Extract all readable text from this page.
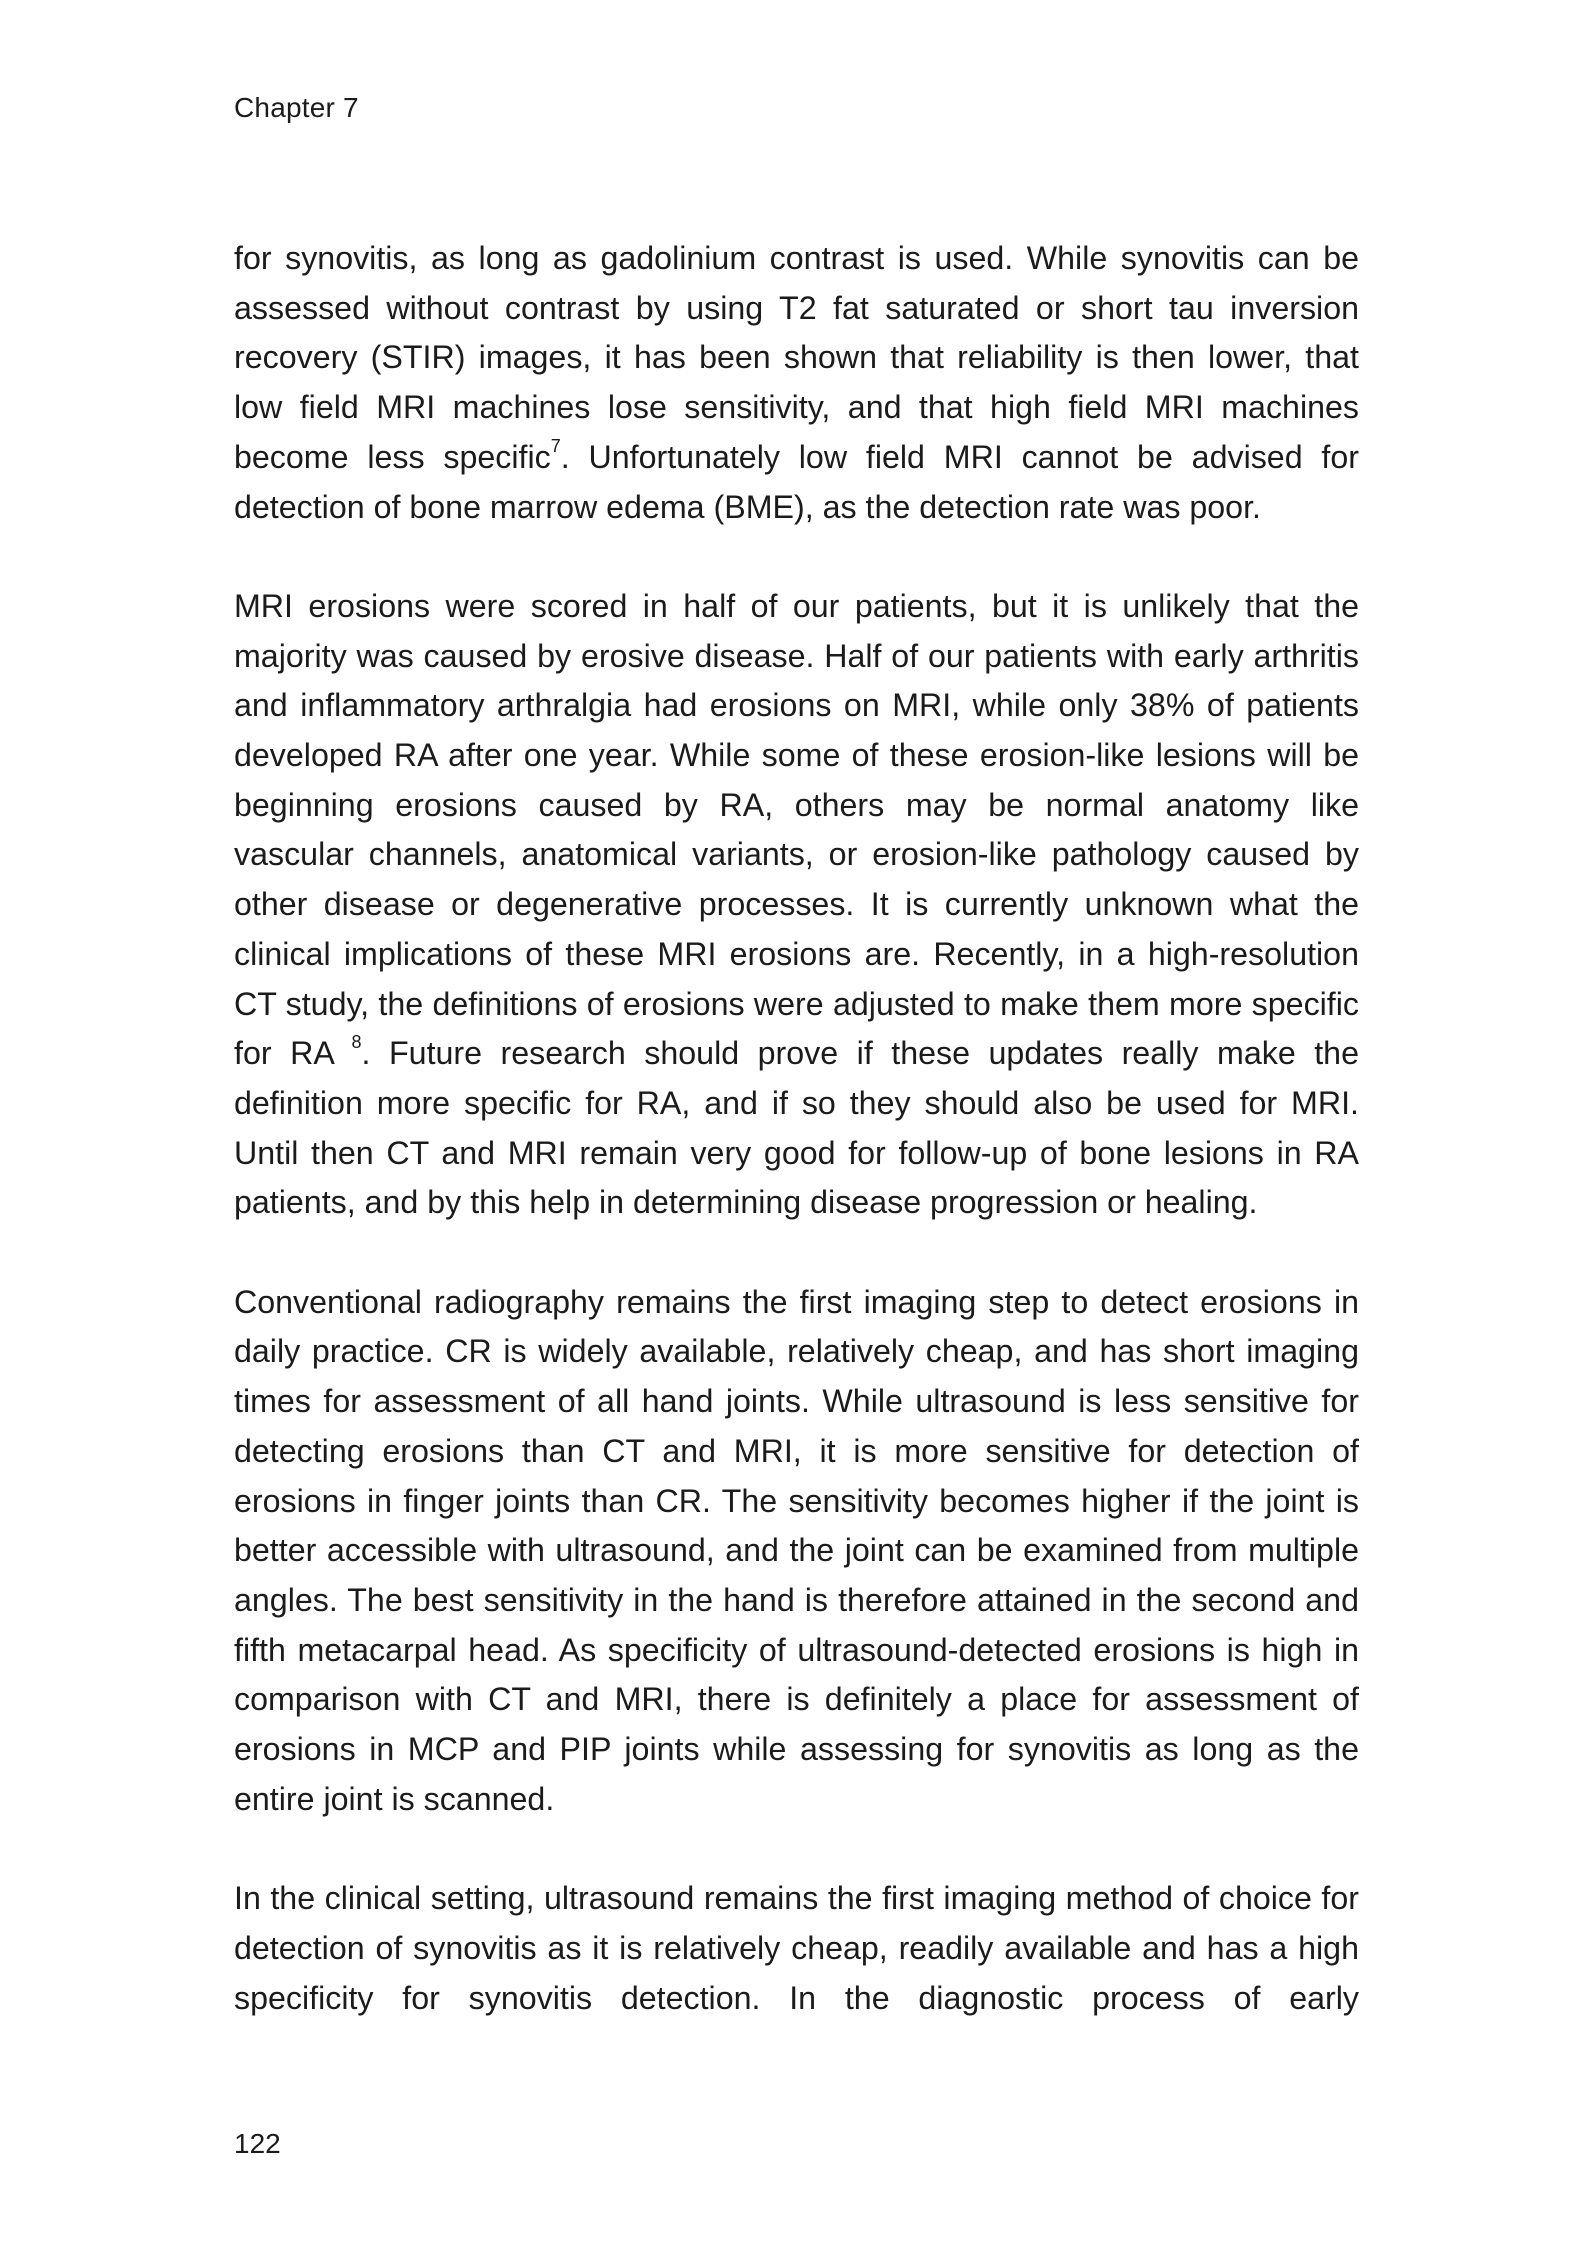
Chapter 7

for synovitis, as long as gadolinium contrast is used. While synovitis can be assessed without contrast by using T2 fat saturated or short tau inversion recovery (STIR) images, it has been shown that reliability is then lower, that low field MRI machines lose sensitivity, and that high field MRI machines become less specific$^7$. Unfortunately low field MRI cannot be advised for detection of bone marrow edema (BME), as the detection rate was poor.

MRI erosions were scored in half of our patients, but it is unlikely that the majority was caused by erosive disease. Half of our patients with early arthritis and inflammatory arthralgia had erosions on MRI, while only 38% of patients developed RA after one year. While some of these erosion-like lesions will be beginning erosions caused by RA, others may be normal anatomy like vascular channels, anatomical variants, or erosion-like pathology caused by other disease or degenerative processes. It is currently unknown what the clinical implications of these MRI erosions are. Recently, in a high-resolution CT study, the definitions of erosions were adjusted to make them more specific for RA $^8$. Future research should prove if these updates really make the definition more specific for RA, and if so they should also be used for MRI. Until then CT and MRI remain very good for follow-up of bone lesions in RA patients, and by this help in determining disease progression or healing.

Conventional radiography remains the first imaging step to detect erosions in daily practice. CR is widely available, relatively cheap, and has short imaging times for assessment of all hand joints. While ultrasound is less sensitive for detecting erosions than CT and MRI, it is more sensitive for detection of erosions in finger joints than CR. The sensitivity becomes higher if the joint is better accessible with ultrasound, and the joint can be examined from multiple angles. The best sensitivity in the hand is therefore attained in the second and fifth metacarpal head. As specificity of ultrasound-detected erosions is high in comparison with CT and MRI, there is definitely a place for assessment of erosions in MCP and PIP joints while assessing for synovitis as long as the entire joint is scanned.

In the clinical setting, ultrasound remains the first imaging method of choice for detection of synovitis as it is relatively cheap, readily available and has a high specificity for synovitis detection. In the diagnostic process of early

122
